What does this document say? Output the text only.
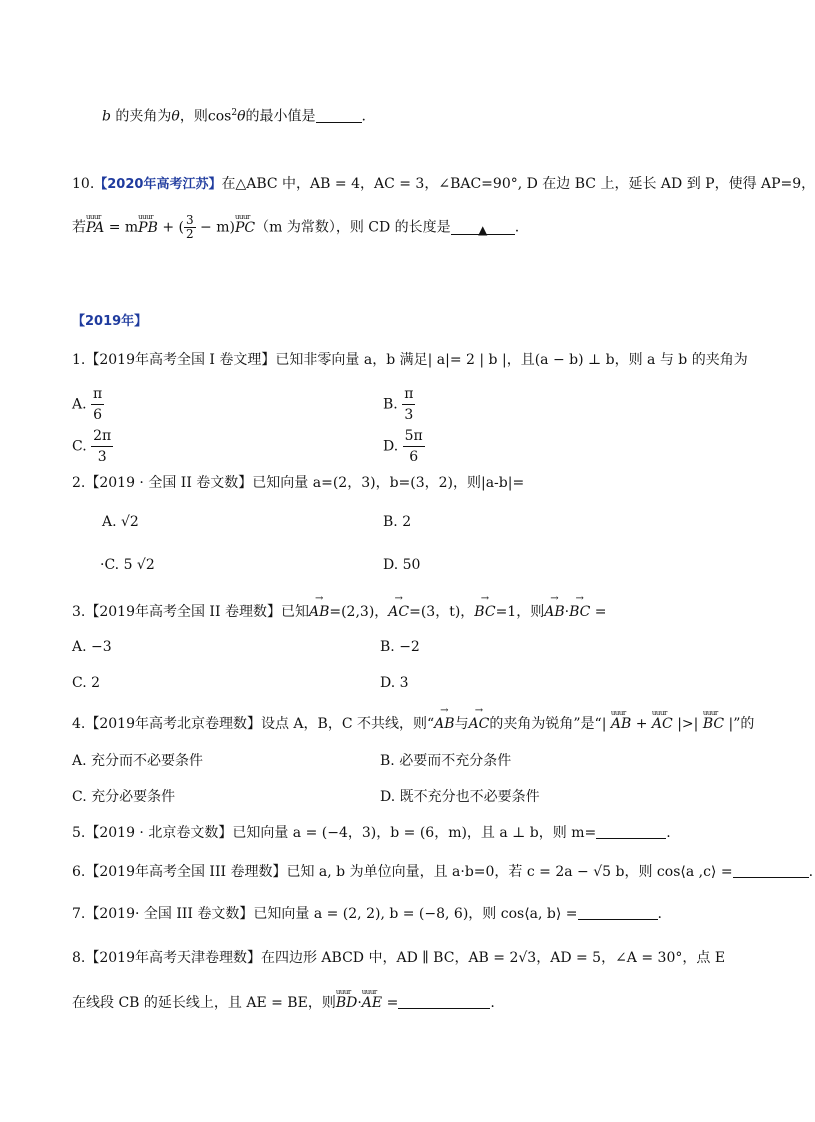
b 的夹角为θ，则$\cos^2\theta$的最小值是	.
10.【2020年高考江苏】在△ABC 中，AB = 4，AC = 3，∠BAC=90°, D 在边 BC 上，延长 AD 到 P，使得 AP=9，
若uuur PA = muuur PB + ( $\frac{3}{2}$ − m)uuur PC（m 为常数），则 CD 的长度是 ▲ .
【2019年】
1.【2019年高考全国 I 卷文理】已知非零向量 a，b 满足| a|= 2 | b |，且(a − b) ⊥ b，则 a 与 b 的夹角为
A. $\frac{\pi}{6}$	B. $\frac{\pi}{3}$
C. $\frac{2\pi}{3}$	D. $\frac{5\pi}{6}$
2.【2019 · 全国 II 卷文数】已知向量 a=(2，3)，b=(3，2)，则|a-b|=
A. √2	B. 2
·C. 5 √2	D. 50
3.【2019年高考全国 II 卷理数】已知→ AB=(2,3)，→ AC=(3，t)，→ BC=1，则→ AB·→ BC =
A. −3	B. −2
C. 2	D. 3
4.【2019年高考北京卷理数】设点 A，B，C 不共线，则“→ AB与→ AC的夹角为锐角”是“| uuur AB + uuur AC |>| uuur BC |”的
A. 充分而不必要条件	B. 必要而不充分条件
C. 充分必要条件	D. 既不充分也不必要条件
5.【2019 · 北京卷文数】已知向量 a = (−4，3)，b = (6，m)，且 a ⊥ b，则 m=	.
6.【2019年高考全国 III 卷理数】已知 a, b 为单位向量，且 a·b=0，若 c = 2a − √5 b，则 cos⟨a ,c⟩ =	.
7.【2019· 全国 III 卷文数】已知向量 a = (2, 2), b = (−8, 6)，则 cos⟨a, b⟩ =	.
8.【2019年高考天津卷理数】在四边形 ABCD 中，AD ∥ BC，AB = 2√3，AD = 5，∠A = 30°，点 E
在线段 CB 的延长线上，且 AE = BE，则uuur BD·uuur AE =	.
